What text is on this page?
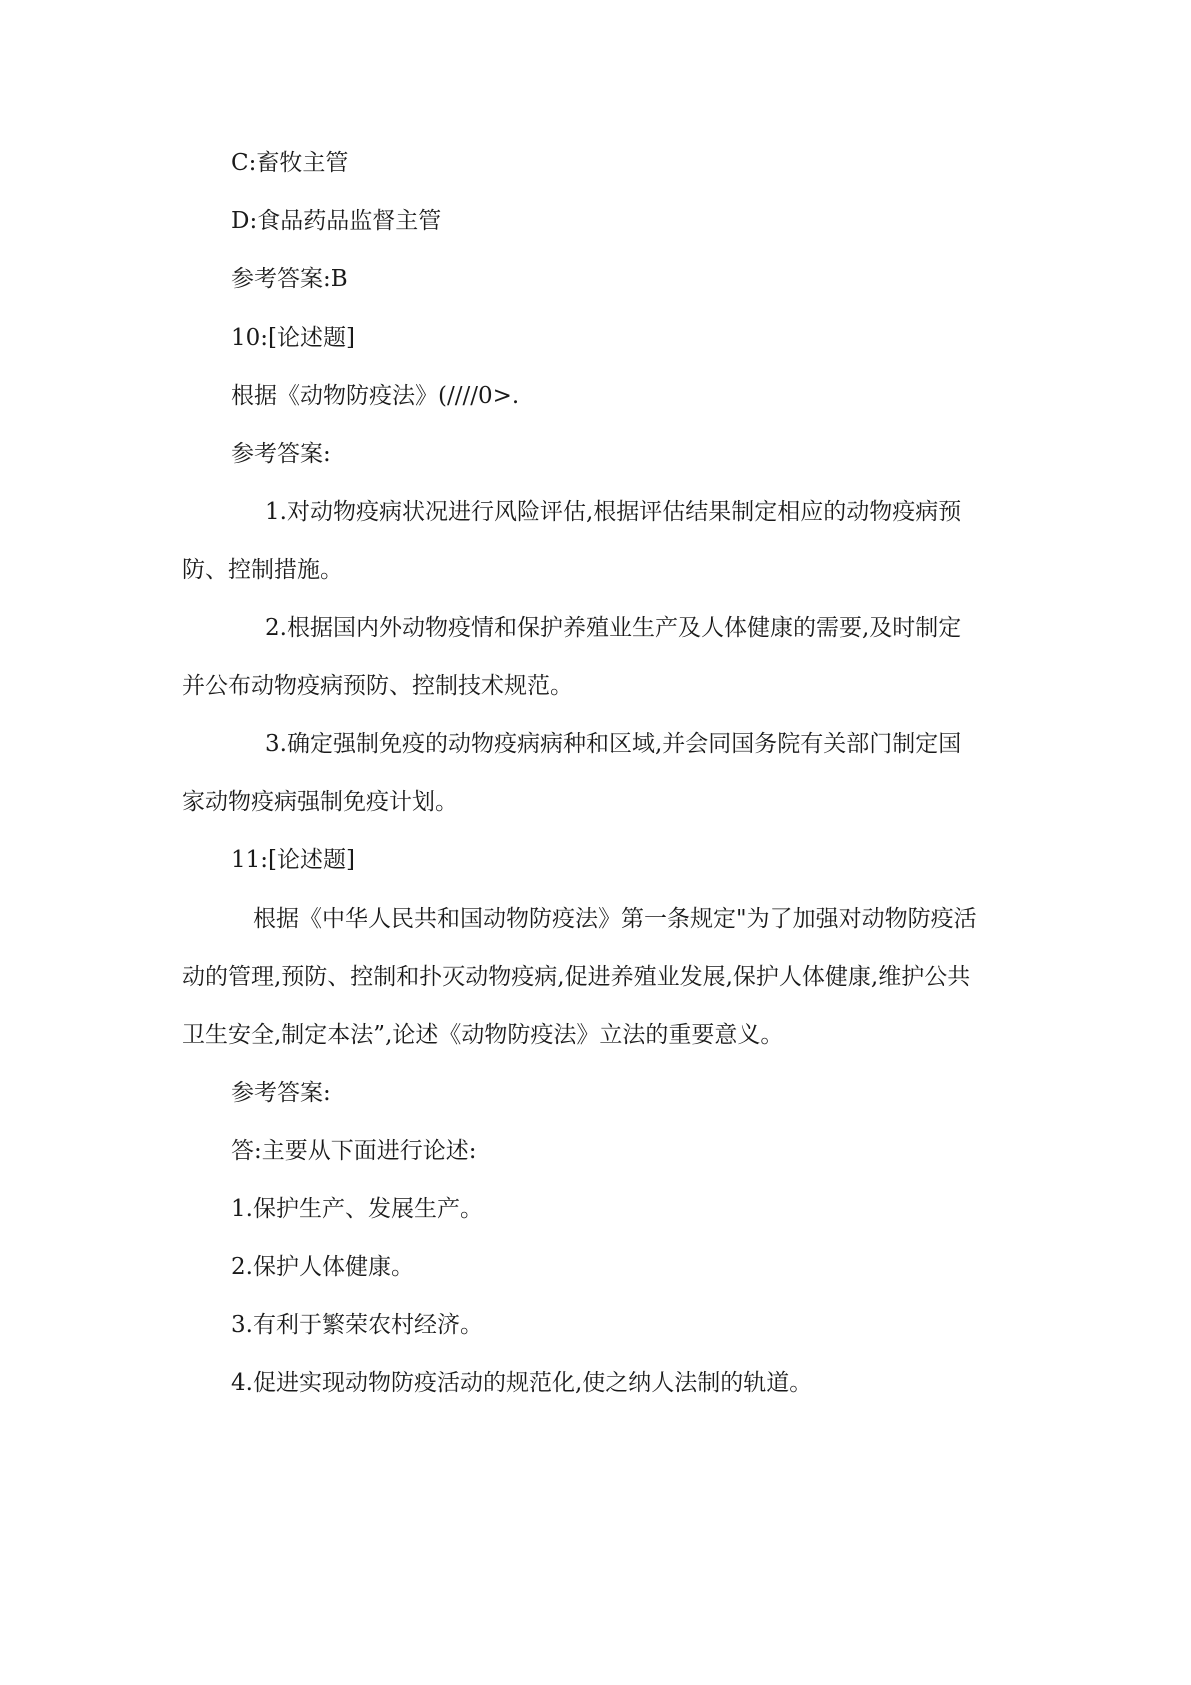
C:畜牧主管

D:食品药品监督主管

参考答案:B

10:[论述题]

根据《动物防疫法》(////0>.

参考答案:

1.对动物疫病状况进行风险评估,根据评估结果制定相应的动物疫病预

防、控制措施。

2.根据国内外动物疫情和保护养殖业生产及人体健康的需要,及时制定

并公布动物疫病预防、控制技术规范。

3.确定强制免疫的动物疫病病种和区域,并会同国务院有关部门制定国

家动物疫病强制免疫计划。

11:[论述题]

根据《中华人民共和国动物防疫法》第一条规定"为了加强对动物防疫活

动的管理,预防、控制和扑灭动物疫病,促进养殖业发展,保护人体健康,维护公共

卫生安全,制定本法”,论述《动物防疫法》立法的重要意义。

参考答案:

答:主要从下面进行论述:

1.保护生产、发展生产。

2.保护人体健康。

3.有利于繁荣农村经济。

4.促进实现动物防疫活动的规范化,使之纳人法制的轨道。
